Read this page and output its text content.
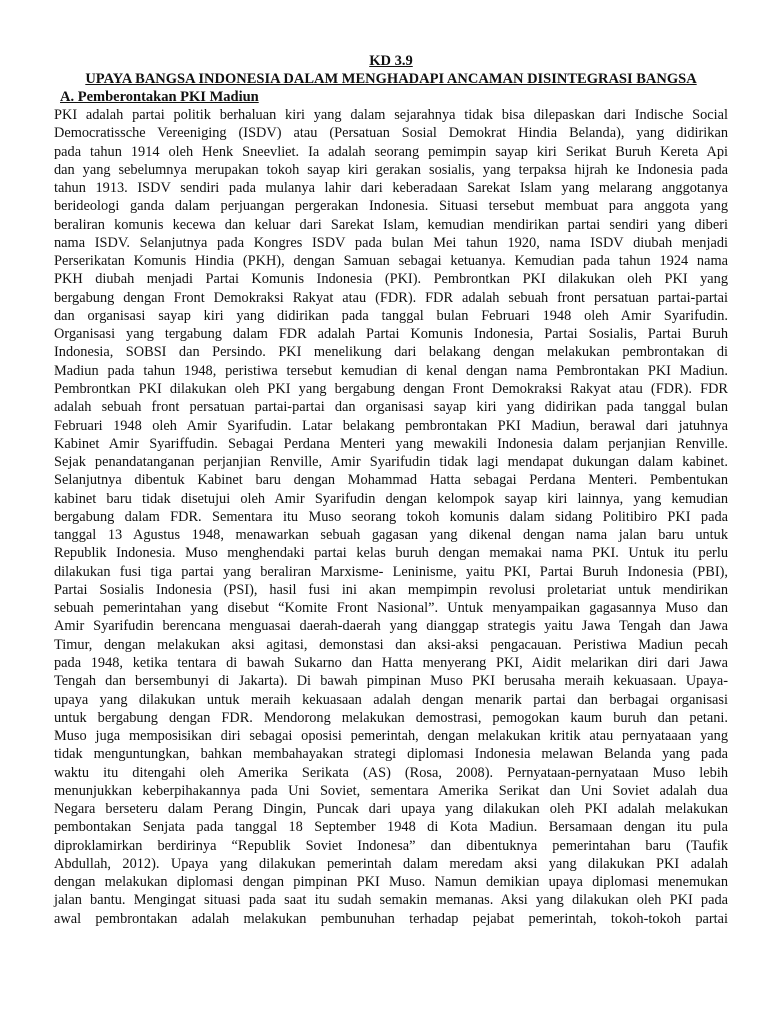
KD 3.9
UPAYA BANGSA INDONESIA DALAM MENGHADAPI ANCAMAN DISINTEGRASI BANGSA
A. Pemberontakan PKI Madiun
PKI adalah partai politik berhaluan kiri yang dalam sejarahnya tidak bisa dilepaskan dari Indische Social
Democratissche Vereeniging (ISDV) atau (Persatuan Sosial Demokrat Hindia Belanda), yang didirikan
pada tahun 1914 oleh Henk Sneevliet. Ia adalah seorang pemimpin sayap kiri Serikat Buruh Kereta Api
dan yang sebelumnya merupakan tokoh sayap kiri gerakan sosialis, yang terpaksa hijrah ke Indonesia pada
tahun 1913. ISDV sendiri pada mulanya lahir dari keberadaan Sarekat Islam yang melarang anggotanya
berideologi ganda dalam perjuangan pergerakan Indonesia. Situasi tersebut membuat para anggota yang
beraliran komunis kecewa dan keluar dari Sarekat Islam, kemudian mendirikan partai sendiri yang diberi
nama ISDV. Selanjutnya pada Kongres ISDV pada bulan Mei tahun 1920, nama ISDV diubah menjadi
Perserikatan Komunis Hindia (PKH), dengan Samuan sebagai ketuanya. Kemudian pada tahun 1924 nama
PKH diubah menjadi Partai Komunis Indonesia (PKI). Pembrontkan PKI dilakukan oleh PKI yang
bergabung dengan Front Demokraksi Rakyat atau (FDR). FDR adalah sebuah front persatuan partai-partai
dan organisasi sayap kiri yang didirikan pada tanggal bulan Februari 1948 oleh Amir Syarifudin.
Organisasi yang tergabung dalam FDR adalah Partai Komunis Indonesia, Partai Sosialis, Partai Buruh
Indonesia, SOBSI dan Persindo. PKI menelikung dari belakang dengan melakukan pembrontakan di
Madiun pada tahun 1948, peristiwa tersebut kemudian di kenal dengan nama Pembrontakan PKI Madiun.
Pembrontkan PKI dilakukan oleh PKI yang bergabung dengan Front Demokraksi Rakyat atau (FDR). FDR
adalah sebuah front persatuan partai-partai dan organisasi sayap kiri yang didirikan pada tanggal bulan
Februari 1948 oleh Amir Syarifudin. Latar belakang pembrontakan PKI Madiun, berawal dari jatuhnya
Kabinet Amir Syariffudin. Sebagai Perdana Menteri yang mewakili Indonesia dalam perjanjian Renville.
Sejak penandatanganan perjanjian Renville, Amir Syarifudin tidak lagi mendapat dukungan dalam kabinet.
Selanjutnya dibentuk Kabinet baru dengan Mohammad Hatta sebagai Perdana Menteri. Pembentukan
kabinet baru tidak disetujui oleh Amir Syarifudin dengan kelompok sayap kiri lainnya, yang kemudian
bergabung dalam FDR. Sementara itu Muso seorang tokoh komunis dalam sidang Politibiro PKI pada
tanggal 13 Agustus 1948, menawarkan sebuah gagasan yang dikenal dengan nama jalan baru untuk
Republik Indonesia. Muso menghendaki partai kelas buruh dengan memakai nama PKI. Untuk itu perlu
dilakukan fusi tiga partai yang beraliran Marxisme- Leninisme, yaitu PKI, Partai Buruh Indonesia (PBI),
Partai Sosialis Indonesia (PSI), hasil fusi ini akan mempimpin revolusi proletariat untuk mendirikan
sebuah pemerintahan yang disebut “Komite Front Nasional”. Untuk menyampaikan gagasannya Muso dan
Amir Syarifudin berencana menguasai daerah-daerah yang dianggap strategis yaitu Jawa Tengah dan Jawa
Timur, dengan melakukan aksi agitasi, demonstasi dan aksi-aksi pengacauan. Peristiwa Madiun pecah
pada 1948, ketika tentara di bawah Sukarno dan Hatta menyerang PKI, Aidit melarikan diri dari Jawa
Tengah dan bersembunyi di Jakarta). Di bawah pimpinan Muso PKI berusaha meraih kekuasaan. Upaya-
upaya yang dilakukan untuk meraih kekuasaan adalah dengan menarik partai dan berbagai organisasi
untuk bergabung dengan FDR. Mendorong melakukan demostrasi, pemogokan kaum buruh dan petani.
Muso juga memposisikan diri sebagai oposisi pemerintah, dengan melakukan kritik atau pernyataaan yang
tidak menguntungkan, bahkan membahayakan strategi diplomasi Indonesia melawan Belanda yang pada
waktu itu ditengahi oleh Amerika Serikata (AS) (Rosa, 2008). Pernyataan-pernyataan Muso lebih
menunjukkan keberpihakannya pada Uni Soviet, sementara Amerika Serikat dan Uni Soviet adalah dua
Negara berseteru dalam Perang Dingin, Puncak dari upaya yang dilakukan oleh PKI adalah melakukan
pembontakan Senjata pada tanggal 18 September 1948 di Kota Madiun. Bersamaan dengan itu pula
diproklamirkan berdirinya “Republik Soviet Indonesa” dan dibentuknya pemerintahan baru (Taufik
Abdullah, 2012). Upaya yang dilakukan pemerintah dalam meredam aksi yang dilakukan PKI adalah
dengan melakukan diplomasi dengan pimpinan PKI Muso. Namun demikian upaya diplomasi menemukan
jalan bantu. Mengingat situasi pada saat itu sudah semakin memanas. Aksi yang dilakukan oleh PKI pada
awal pembrontakan adalah melakukan pembunuhan terhadap pejabat pemerintah, tokoh-tokoh partai
